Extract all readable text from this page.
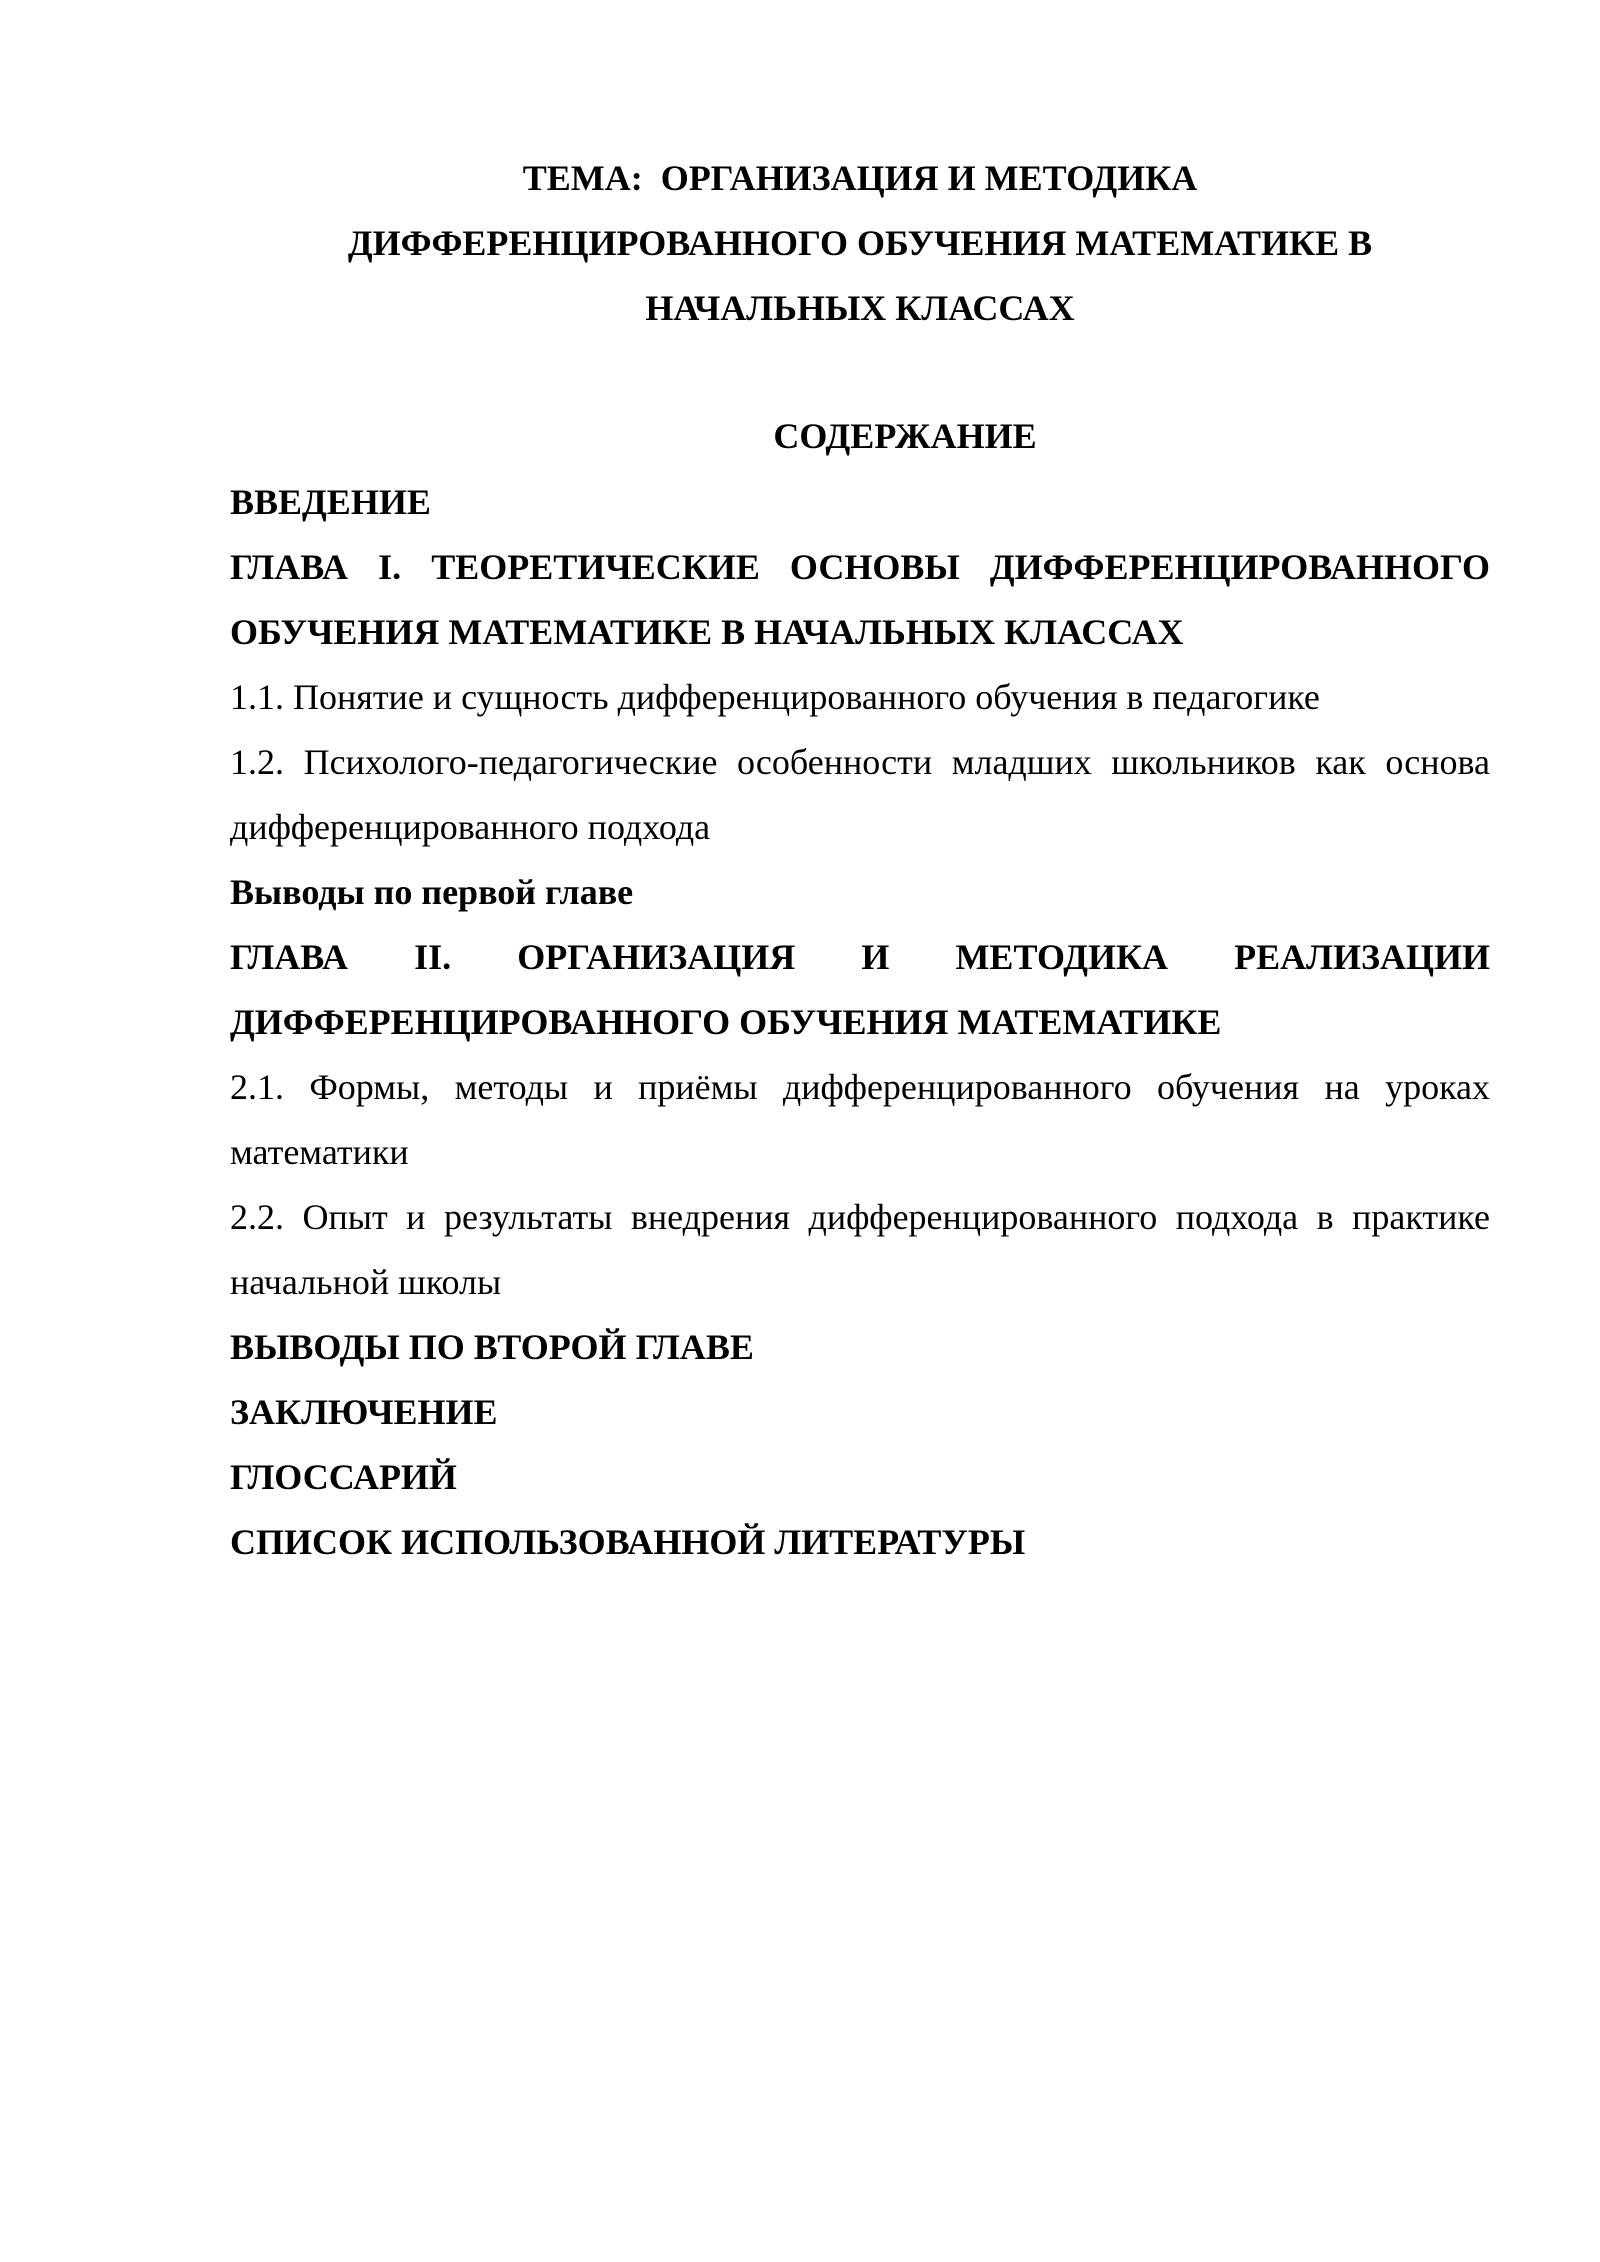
ТЕМА:  ОРГАНИЗАЦИЯ И МЕТОДИКА
ДИФФЕРЕНЦИРОВАННОГО ОБУЧЕНИЯ МАТЕМАТИКЕ В
НАЧАЛЬНЫХ КЛАССАХ
СОДЕРЖАНИЕ
ВВЕДЕНИЕ
ГЛАВА I. ТЕОРЕТИЧЕСКИЕ ОСНОВЫ ДИФФЕРЕНЦИРОВАННОГО
ОБУЧЕНИЯ МАТЕМАТИКЕ В НАЧАЛЬНЫХ КЛАССАХ
1.1. Понятие и сущность дифференцированного обучения в педагогике
1.2. Психолого-педагогические особенности младших школьников как основа
дифференцированного подхода
Выводы по первой главе
ГЛАВА II. ОРГАНИЗАЦИЯ И МЕТОДИКА РЕАЛИЗАЦИИ
ДИФФЕРЕНЦИРОВАННОГО ОБУЧЕНИЯ МАТЕМАТИКЕ
2.1. Формы, методы и приёмы дифференцированного обучения на уроках
математики
2.2. Опыт и результаты внедрения дифференцированного подхода в практике
начальной школы
ВЫВОДЫ ПО ВТОРОЙ ГЛАВЕ
ЗАКЛЮЧЕНИЕ
ГЛОССАРИЙ
СПИСОК ИСПОЛЬЗОВАННОЙ ЛИТЕРАТУРЫ
